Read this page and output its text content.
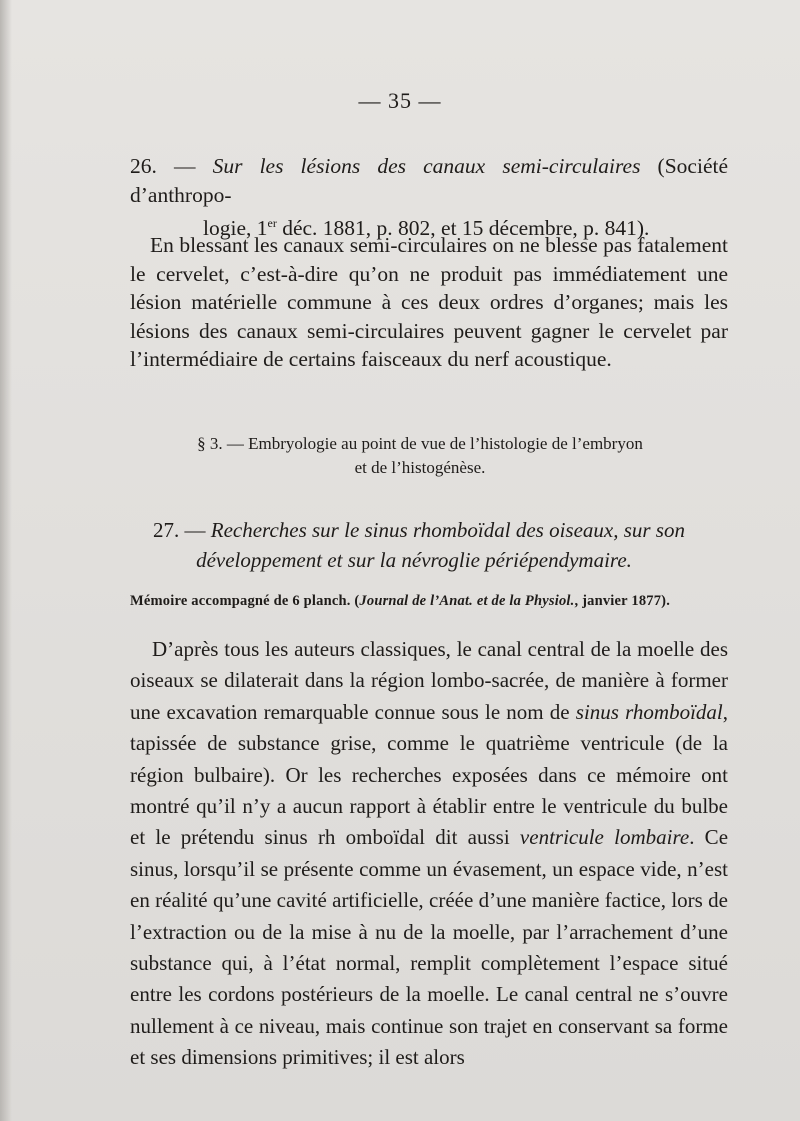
— 35 —

26. — Sur les lésions des canaux semi-circulaires (Société d’anthropo-
logie, 1er déc. 1881, p. 802, et 15 décembre, p. 841).

En blessant les canaux semi-circulaires on ne blesse pas fatalement le cervelet, c’est-à-dire qu’on ne produit pas immédiatement une lésion matérielle commune à ces deux ordres d’organes; mais les lésions des canaux semi-circulaires peuvent gagner le cervelet par l’intermédiaire de certains faisceaux du nerf acoustique.

§ 3. — Embryologie au point de vue de l’histologie de l’embryon
et de l’histogénèse.
27. — Recherches sur le sinus rhomboïdal des oiseaux, sur son
développement et sur la névroglie périépendymaire.
Mémoire accompagné de 6 planch. (Journal de l’Anat. et de la Physiol., janvier 1877).

D’après tous les auteurs classiques, le canal central de la moelle des oiseaux se dilaterait dans la région lombo-sacrée, de manière à former une excavation remarquable connue sous le nom de sinus rhomboïdal, tapissée de substance grise, comme le quatrième ventricule (de la région bulbaire). Or les recherches exposées dans ce mémoire ont montré qu’il n’y a aucun rapport à établir entre le ventricule du bulbe et le prétendu sinus rh omboïdal dit aussi ventricule lombaire. Ce sinus, lorsqu’il se présente comme un évasement, un espace vide, n’est en réalité qu’une cavité artificielle, créée d’une manière factice, lors de l’extraction ou de la mise à nu de la moelle, par l’arrachement d’une substance qui, à l’état normal, remplit complètement l’espace situé entre les cordons postérieurs de la moelle. Le canal central ne s’ouvre nullement à ce niveau, mais continue son trajet en conservant sa forme et ses dimensions primitives; il est alors
